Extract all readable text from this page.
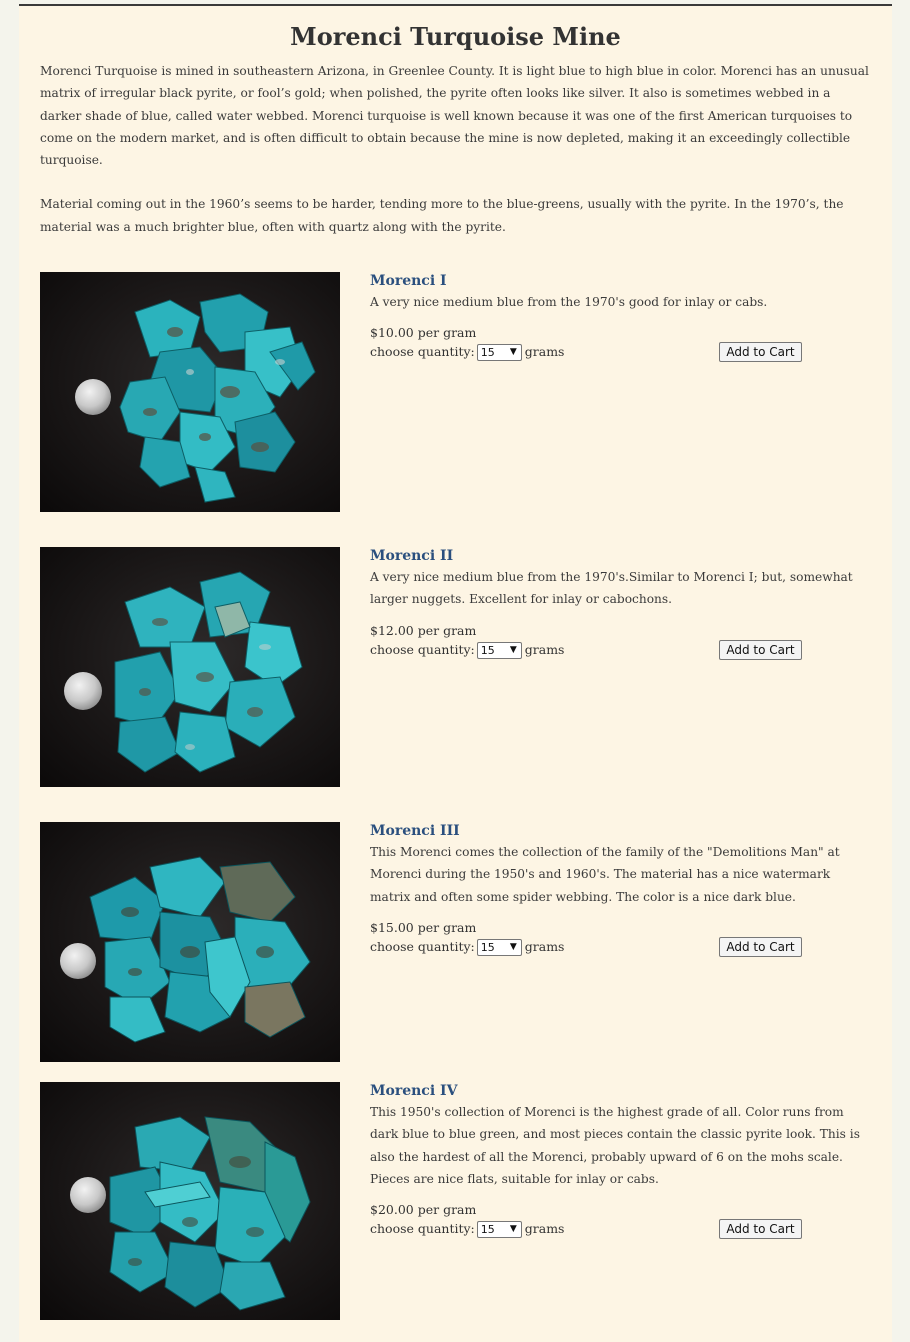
Morenci Turquoise Mine

Morenci Turquoise is mined in southeastern Arizona, in Greenlee County. It is light blue to high blue in color. Morenci has an unusual matrix of irregular black pyrite, or fool’s gold; when polished, the pyrite often looks like silver. It also is sometimes webbed in a darker shade of blue, called water webbed. Morenci turquoise is well known because it was one of the first American turquoises to come on the modern market, and is often difficult to obtain because the mine is now depleted, making it an exceedingly collectible turquoise.

Material coming out in the 1960’s seems to be harder, tending more to the blue-greens, usually with the pyrite. In the 1970’s, the material was a much brighter blue, often with quartz along with the pyrite.

Morenci I

A very nice medium blue from the 1970's good for inlay or cabs.

$10.00 per gram
choose quantity: 15 ▼ grams	Add to Cart

Morenci II

A very nice medium blue from the 1970's.Similar to Morenci I; but, somewhat larger nuggets. Excellent for inlay or cabochons.

$12.00 per gram
choose quantity: 15 ▼ grams	Add to Cart

Morenci III

This Morenci comes the collection of the family of the "Demolitions Man" at Morenci during the 1950's and 1960's. The material has a nice watermark matrix and often some spider webbing. The color is a nice dark blue.

$15.00 per gram
choose quantity: 15 ▼ grams	Add to Cart

Morenci IV

This 1950's collection of Morenci is the highest grade of all. Color runs from dark blue to blue green, and most pieces contain the classic pyrite look. This is also the hardest of all the Morenci, probably upward of 6 on the mohs scale. Pieces are nice flats, suitable for inlay or cabs.

$20.00 per gram
choose quantity: 15 ▼ grams	Add to Cart
